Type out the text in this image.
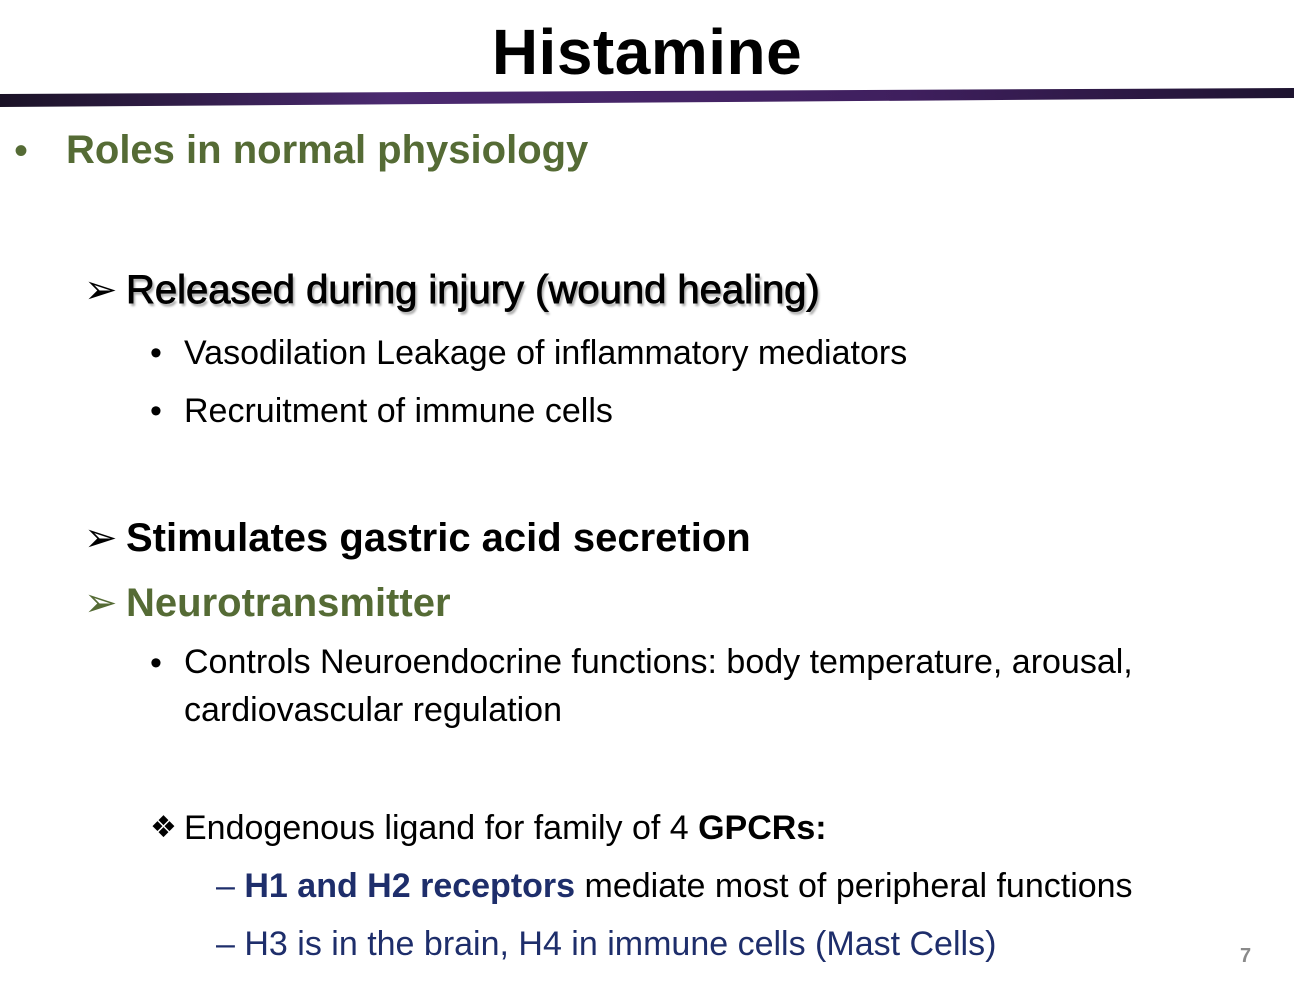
Histamine
• Roles in normal physiology
➢ Released during injury (wound healing)
• Vasodilation Leakage of inflammatory mediators
• Recruitment of immune cells
➢ Stimulates gastric acid secretion
➢ Neurotransmitter
• Controls Neuroendocrine functions: body temperature, arousal, cardiovascular regulation
❖ Endogenous ligand for family of 4 GPCRs:
– H1 and H2 receptors mediate most of peripheral functions
– H3 is in the brain, H4 in immune cells (Mast Cells)	7
